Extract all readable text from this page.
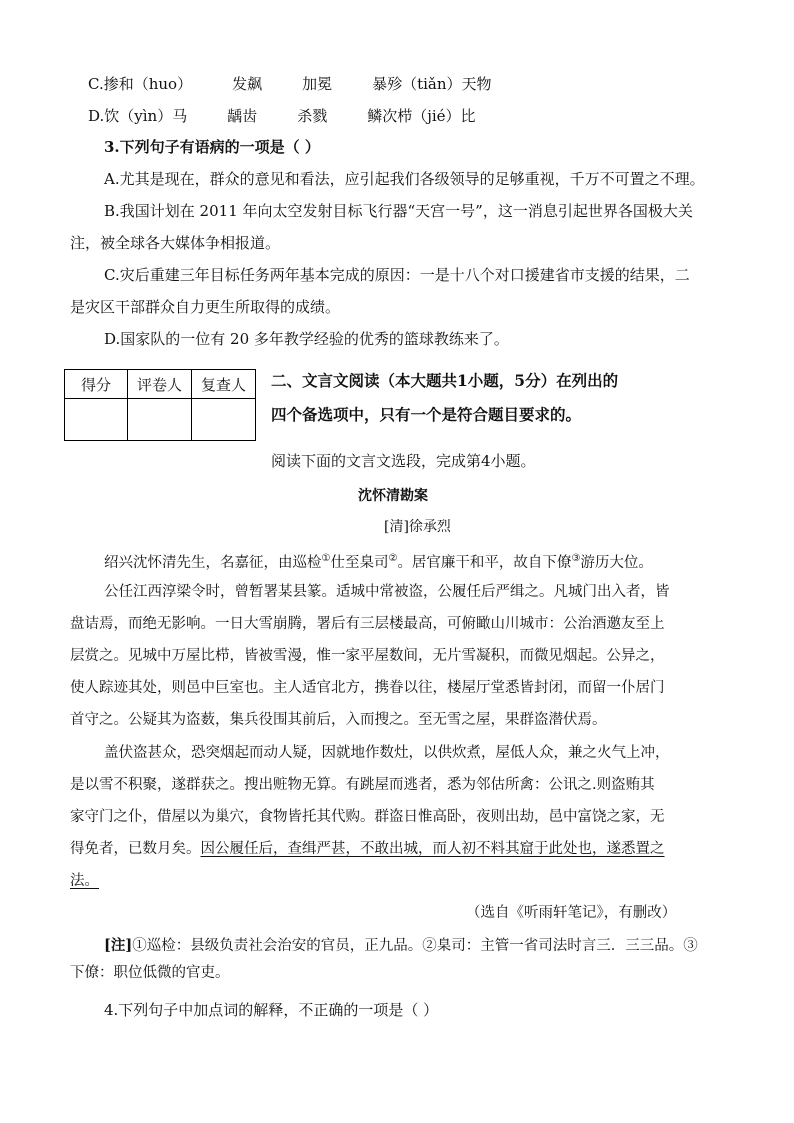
C.掺和（huo）	发飙	加冕	暴殄（tiǎn）天物
D.饮（yìn）马	龋齿	杀戮	鳞次栉（jié）比
3.下列句子有语病的一项是（ ）
A.尤其是现在，群众的意见和看法，应引起我们各级领导的足够重视，千万不可置之不理。
B.我国计划在 2011 年向太空发射目标飞行器“天宫一号”，这一消息引起世界各国极大关
注，被全球各大媒体争相报道。
C.灾后重建三年目标任务两年基本完成的原因：一是十八个对口援建省市支援的结果，二
是灾区干部群众自力更生所取得的成绩。
D.国家队的一位有 20 多年教学经验的优秀的篮球教练来了。
得分	评卷人	复查人
		二、文言文阅读（本大题共1小题，5分）在列出的
四个备选项中，只有一个是符合题目要求的。
阅读下面的文言文选段，完成第4小题。
沈怀清勘案
[清]徐承烈
绍兴沈怀清先生，名嘉征，由巡检①仕至臬司②。居官廉干和平，故自下僚③游历大位。
公任江西淳梁令时，曾暂署某县篆。适城中常被盗，公履任后严缉之。凡城门出入者，皆
盘诘焉，而绝无影响。一日大雪崩腾，署后有三层楼最高，可俯瞰山川城市：公治酒邀友至上
层赏之。见城中万屋比栉，皆被雪漫，惟一家平屋数间，无片雪凝积，而微见烟起。公异之，
使人踪迹其处，则邑中巨室也。主人适官北方，携眷以往，楼屋厅堂悉皆封闭，而留一仆居门
首守之。公疑其为盗薮，集兵役围其前后，入而搜之。至无雪之屋，果群盗潜伏焉。
盖伏盗甚众，恐突烟起而动人疑，因就地作数灶，以供炊煮，屋低人众，兼之火气上冲，
是以雪不积聚，遂群获之。搜出赃物无算。有跳屋而逃者，悉为邻估所禽：公讯之.则盗贿其
家守门之仆，借屋以为巢穴，食物皆托其代购。群盗日惟高卧，夜则出劫，邑中富饶之家，无
得免者，已数月矣。因公履任后，查缉严甚，不敢出城，而人初不料其窟于此处也，遂悉置之
法。
（选自《听雨轩笔记》，有删改）
[注]①巡检：县级负责社会治安的官员，正九品。②臬司：主管一省司法时言三．三三品。③
下僚：职位低微的官吏。
4.下列句子中加点词的解释，不正确的一项是（ ）
